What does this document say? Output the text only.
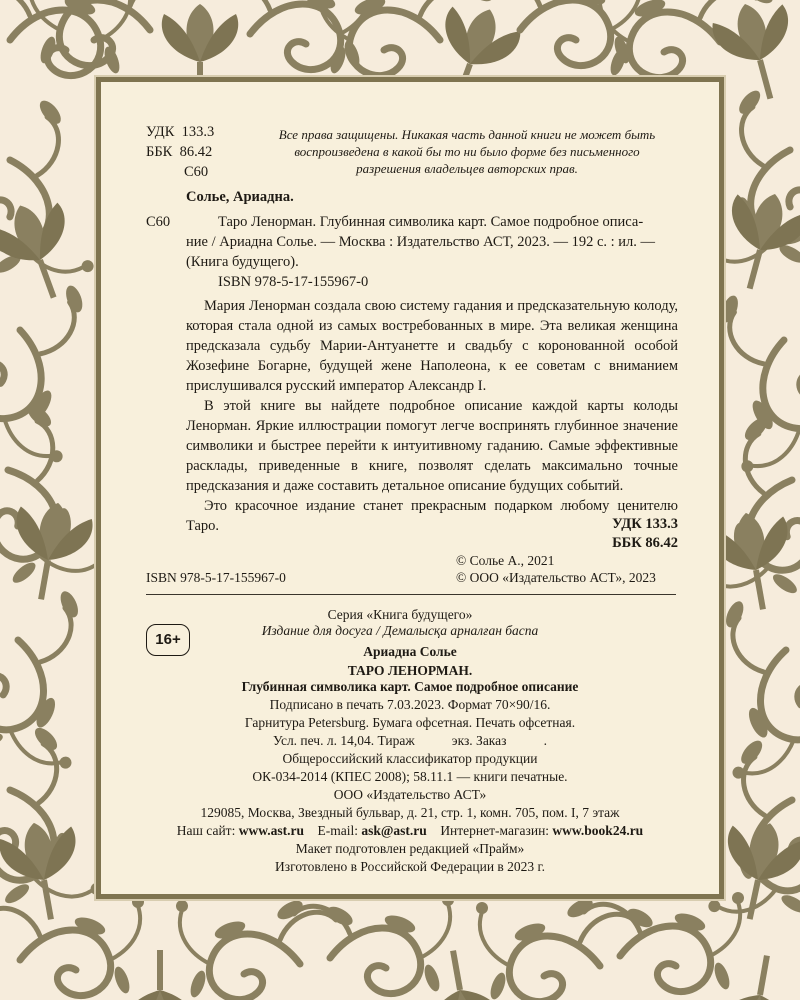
УДК 133.3
ББК 86.42
С60
Все права защищены. Никакая часть данной книги не может быть
воспроизведена в какой бы то ни было форме без письменного
разрешения владельцев авторских прав.
Солье, Ариадна.
С60	Таро Ленорман. Глубинная символика карт. Самое подробное описа-
ние / Ариадна Солье. — Москва : Издательство АСТ, 2023. — 192 с. : ил. —
(Книга будущего).
ISBN 978-5-17-155967-0

Мария Ленорман создала свою систему гадания и предсказательную колоду, которая стала одной из самых востребованных в мире. Эта великая женщина предсказала судьбу Марии-Антуанетте и свадьбу с коронованной особой Жозефине Богарне, будущей жене Наполеона, к ее советам с вниманием прислушивался русский император Александр I.

В этой книге вы найдете подробное описание каждой карты колоды Ленорман. Яркие иллюстрации помогут легче воспринять глубинное значение символики и быстрее перейти к интуитивному гаданию. Самые эффективные расклады, приведенные в книге, позволят сделать максимально точные предсказания и даже составить детальное описание будущих событий.

Это красочное издание станет прекрасным подарком любому ценителю Таро.	УДК 133.3
ББК 86.42
© Солье А., 2021
© ООО «Издательство АСТ», 2023
ISBN 978-5-17-155967-0
Серия «Книга будущего»
Издание для досуга / Демалысқа арналған баспа
16+
Ариадна Солье
ТАРО ЛЕНОРМАН.
Глубинная символика карт. Самое подробное описание
Подписано в печать 7.03.2023. Формат 70×90/16.
Гарнитура Petersburg. Бумага офсетная. Печать офсетная.
Усл. печ. л. 14,04. Тираж           экз. Заказ           .
Общероссийский классификатор продукции
ОК-034-2014 (КПЕС 2008); 58.11.1 — книги печатные.
ООО «Издательство АСТ»
129085, Москва, Звездный бульвар, д. 21, стр. 1, комн. 705, пом. I, 7 этаж
Наш сайт: www.ast.ru E-mail: ask@ast.ru Интернет-магазин: www.book24.ru
Макет подготовлен редакцией «Прайм»
Изготовлено в Российской Федерации в 2023 г.
